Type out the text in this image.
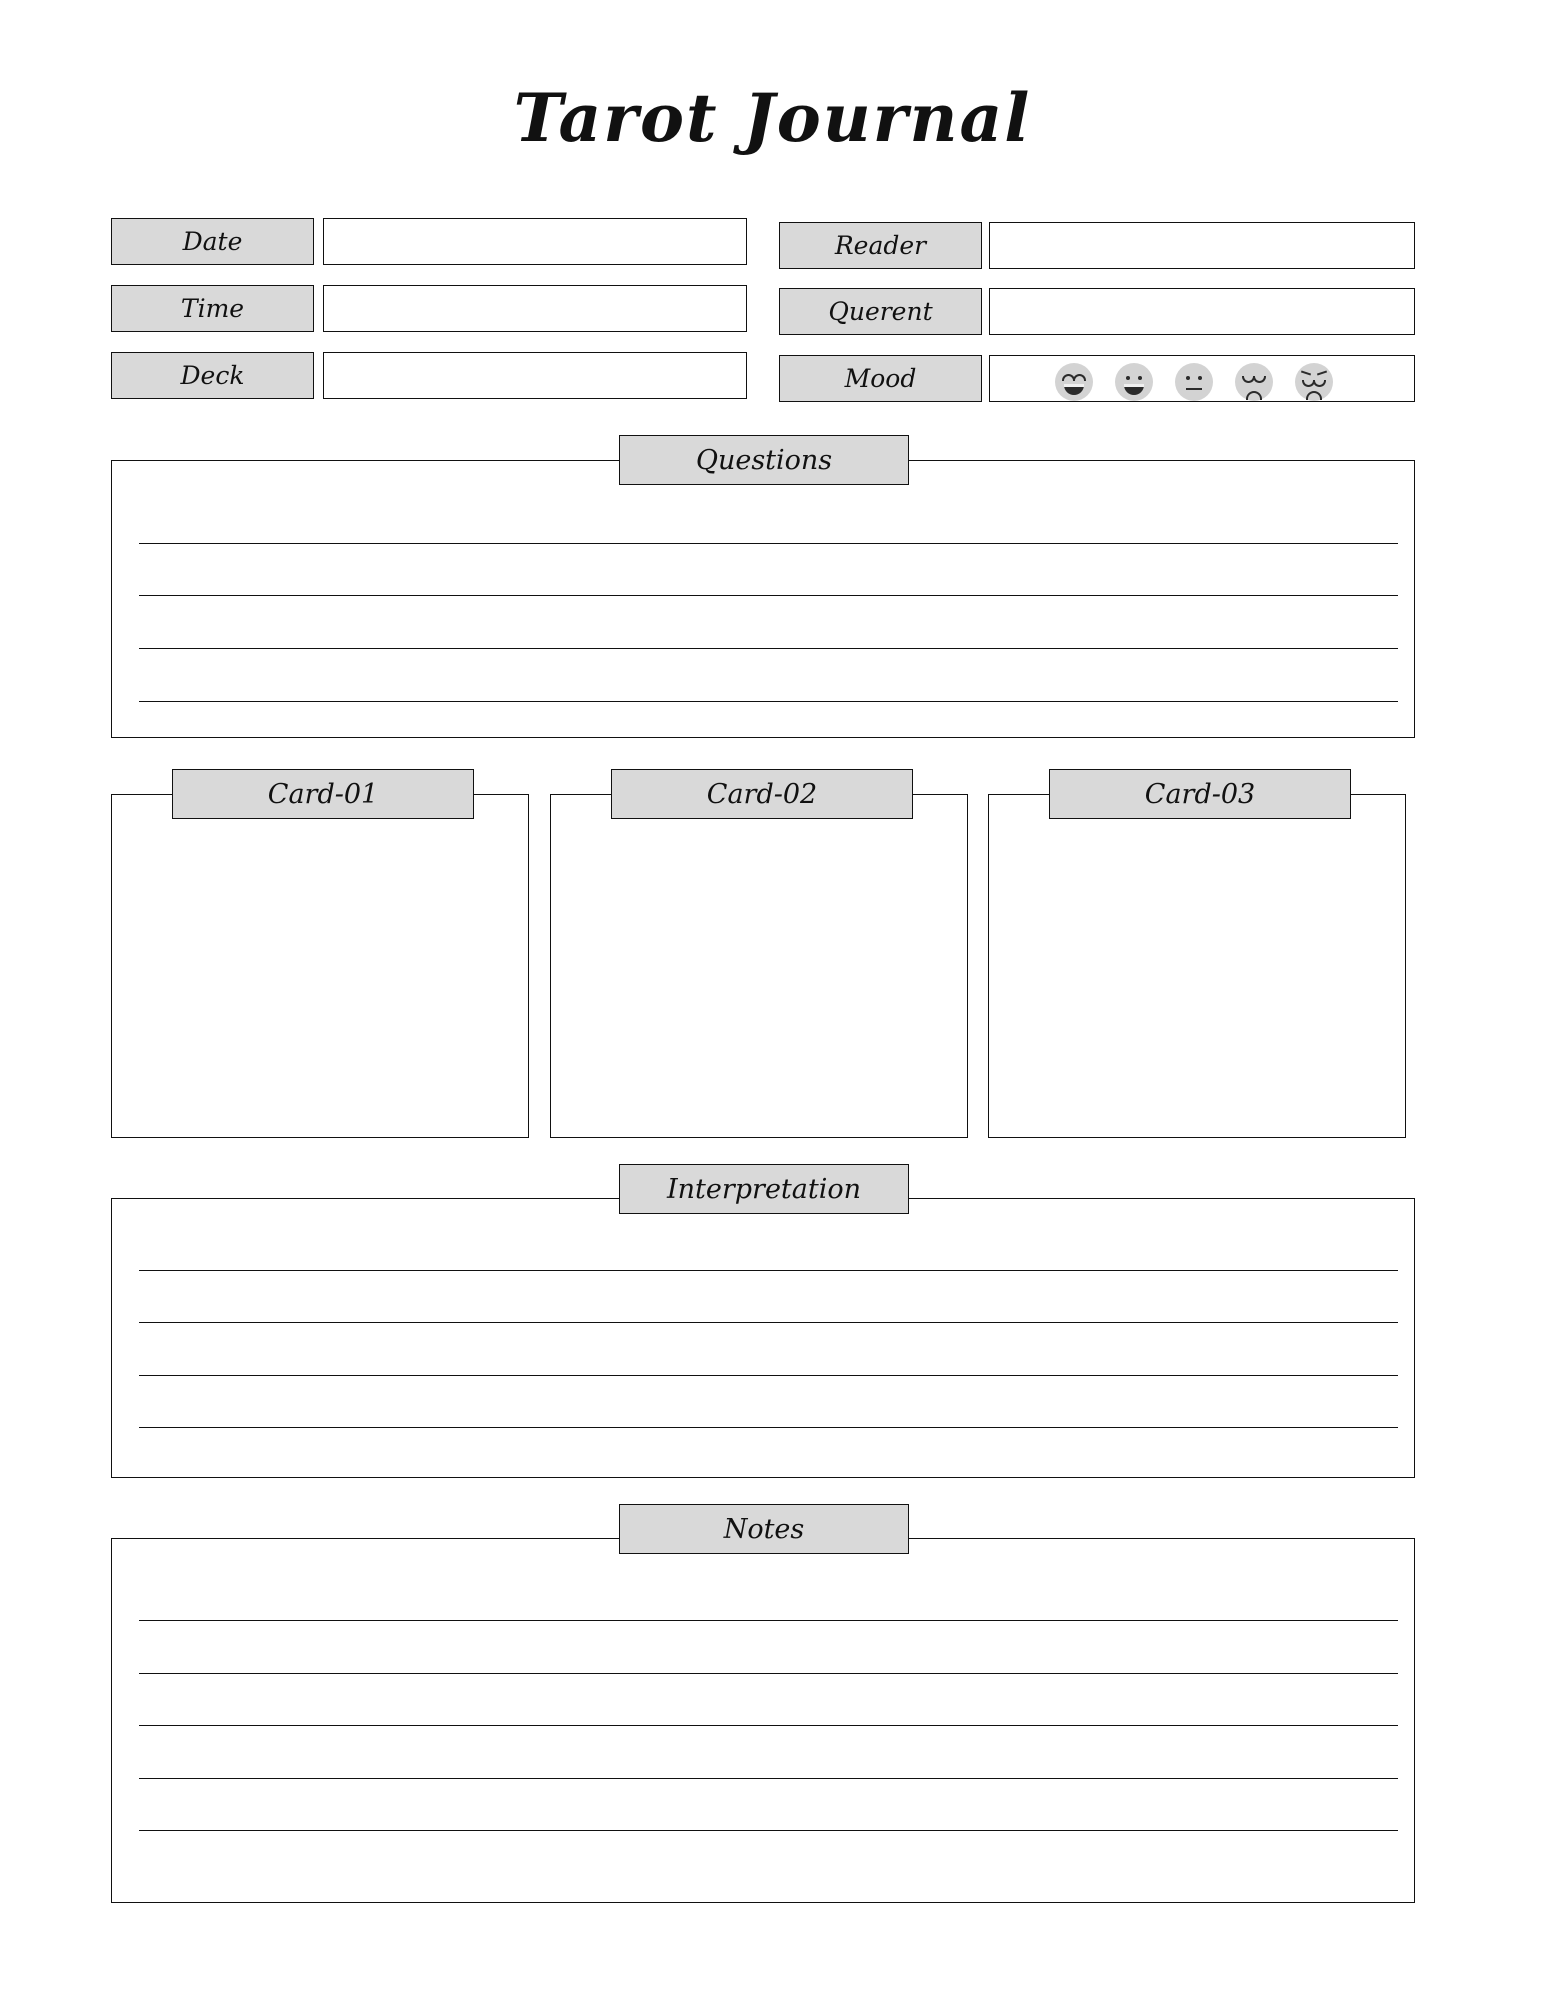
Tarot Journal
Date
Time
Deck
Reader
Querent
Mood
Questions
Card-01	Card-02	Card-03
Interpretation
Notes
